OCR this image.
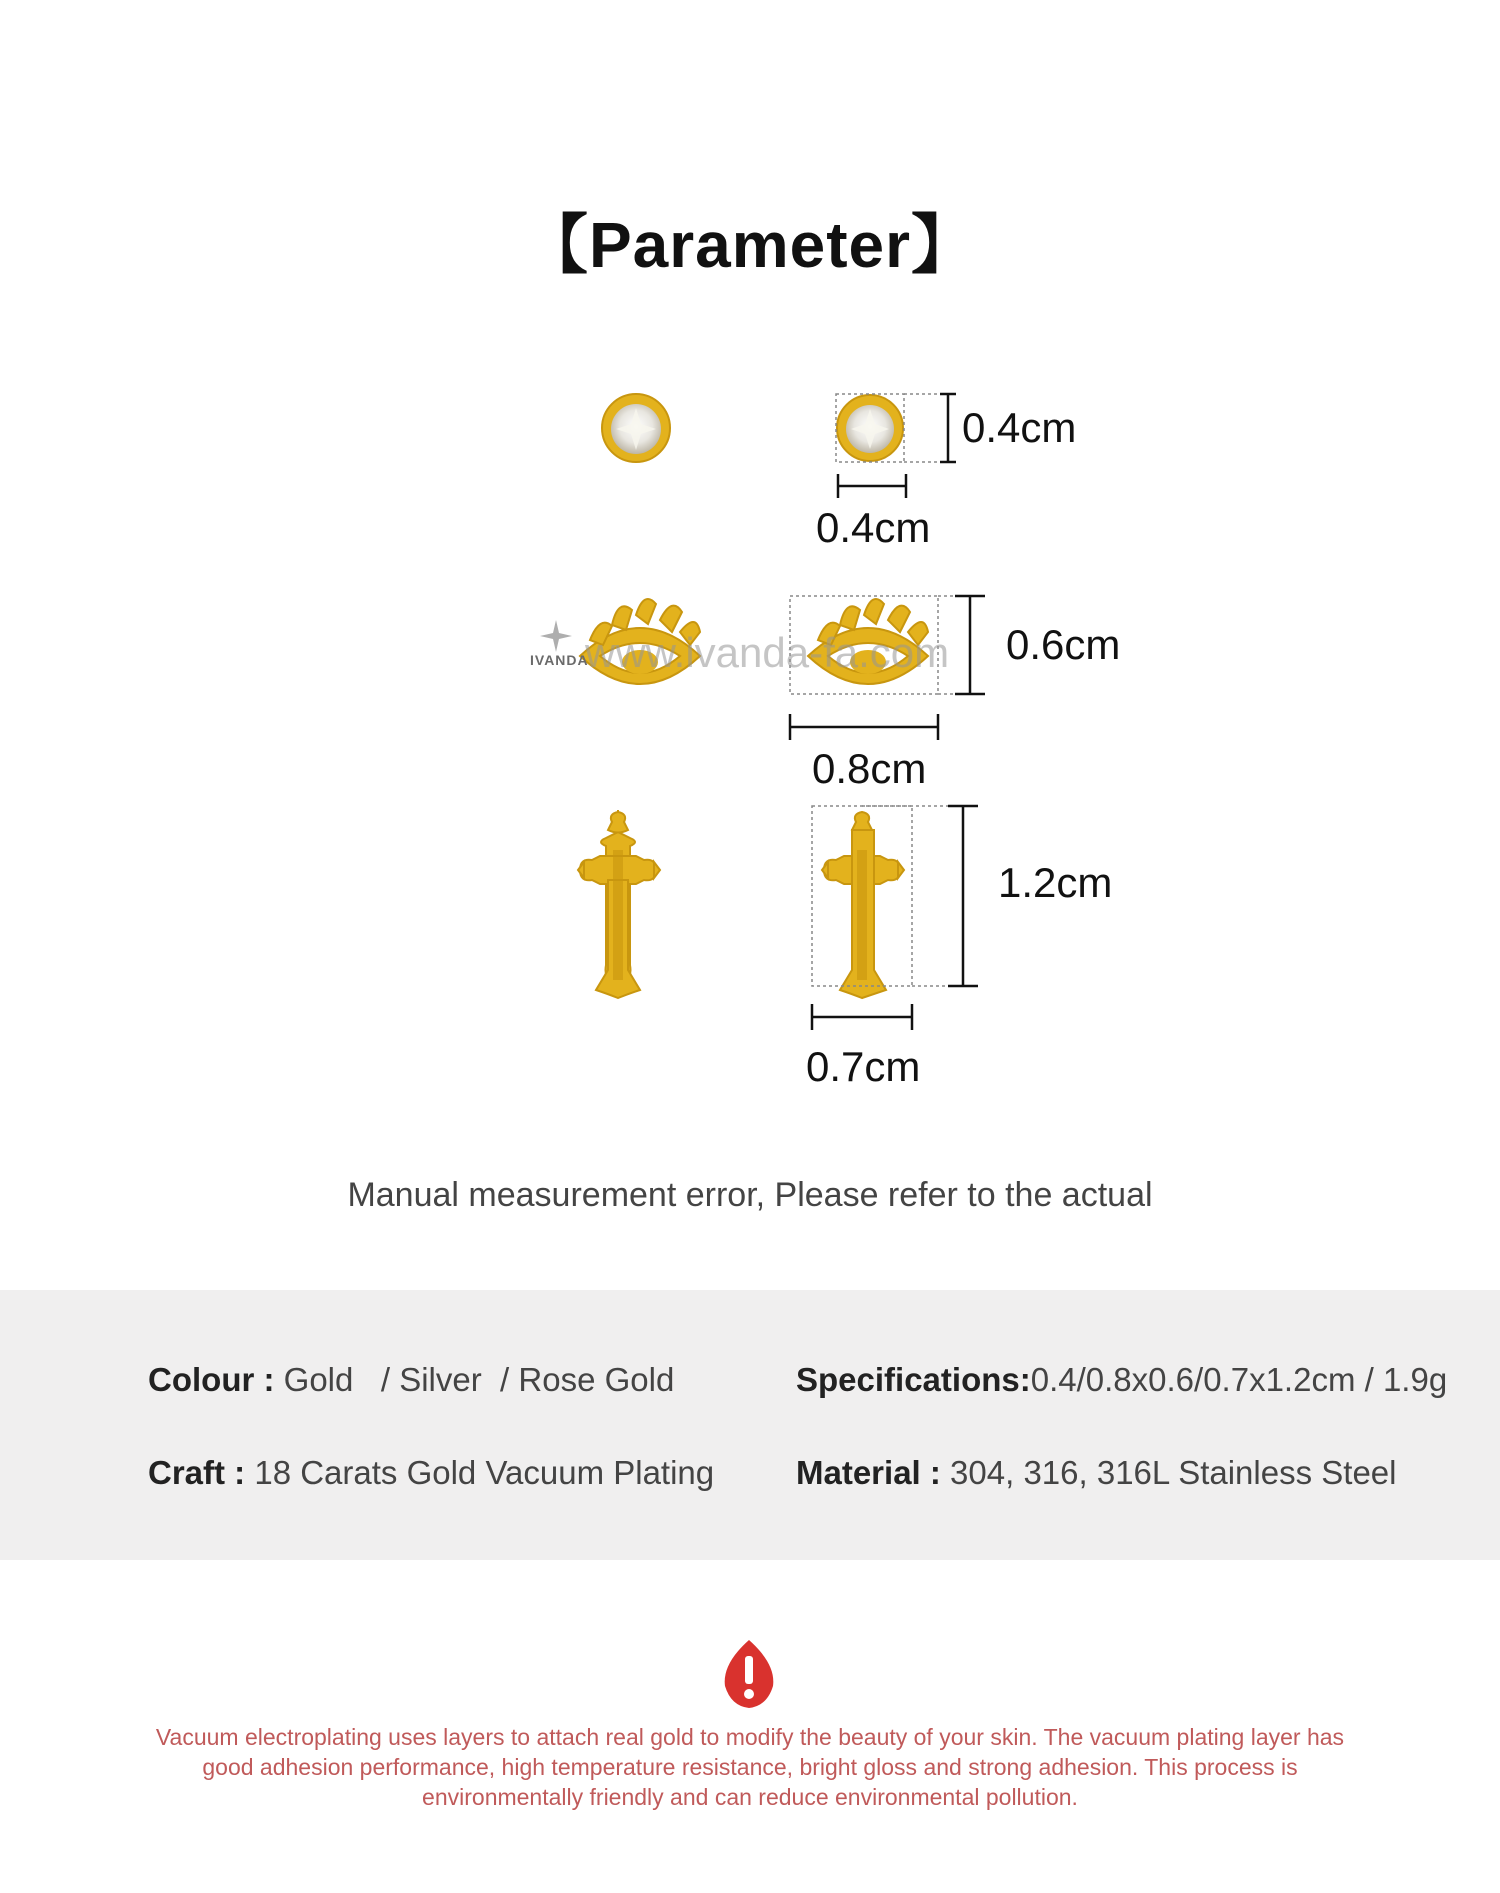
【Parameter】
IVANDA
www.ivanda-fa.com
0.4cm
0.4cm
0.6cm
0.8cm
1.2cm
0.7cm
Manual measurement error, Please refer to the actual
Colour : Gold   / Silver  / Rose Gold	Specifications:0.4/0.8x0.6/0.7x1.2cm / 1.9g
Craft : 18 Carats Gold Vacuum Plating Material : 304, 316, 316L Stainless Steel
Vacuum electroplating uses layers to attach real gold to modify the beauty of your skin. The vacuum plating layer has good adhesion performance, high temperature resistance, bright gloss and strong adhesion. This process is environmentally friendly and can reduce environmental pollution.
